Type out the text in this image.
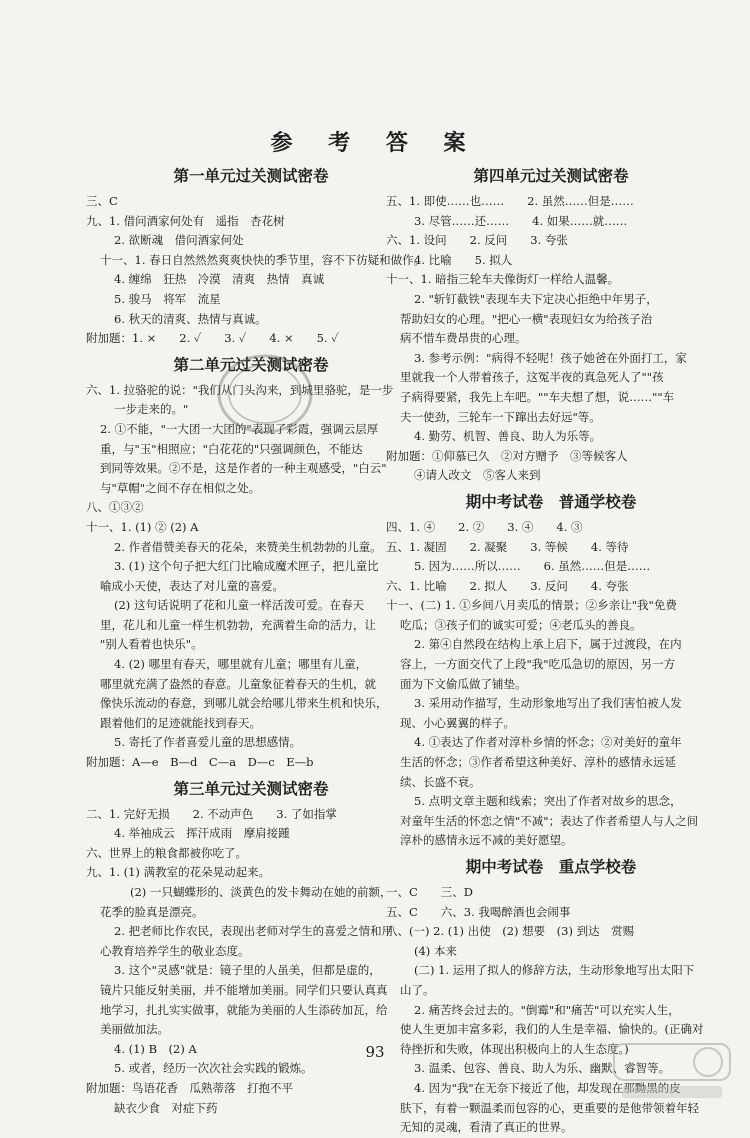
参 考 答 案
第一单元过关测试密卷
三、C
九、1. 借问酒家何处有　遥指　杏花树
2. 欲断魂　借问酒家何处
十一、1. 春日自然然然爽爽快快的季节里，容不下彷疑和做作。
4. 缠绵　狂热　冷漠　清爽　热情　真诚
5. 骏马　将军　流星
6. 秋天的清爽、热情与真诚。
附加题：1. ×　　2. ✓　　3. ✓　　4. ×　　5. ✓
第二单元过关测试密卷
六、1. 拉骆驼的说："我们从门头沟来，到城里骆驼，是一步
一步走来的。"
2. ①不能，"一大团一大团的"表现了彩霞，强调云层厚
重，与"玉"相照应；"白花花的"只强调颜色，不能达
到同等效果。②不是，这是作者的一种主观感受，"白云"
与"草帽"之间不存在相似之处。
八、①③②
十一、1. (1) ② (2) A
2. 作者借赞美春天的花朵，来赞美生机勃勃的儿童。
3. (1) 这个句子把大红门比喻成魔术匣子，把儿童比
喻成小天使，表达了对儿童的喜爱。
(2) 这句话说明了花和儿童一样活泼可爱。在春天
里，花儿和儿童一样生机勃勃，充满着生命的活力，让
"别人看着也快乐"。
4. (2) 哪里有春天，哪里就有儿童；哪里有儿童，
哪里就充满了盎然的春意。儿童象征着春天的生机，就
像快乐流动的春意，到哪儿就会给哪儿带来生机和快乐，
跟着他们的足迹就能找到春天。
5. 寄托了作者喜爱儿童的思想感情。
附加题：A—e　B—d　C—a　D—c　E—b
第三单元过关测试密卷
二、1. 完好无损　　2. 不动声色　　3. 了如指掌
4. 举袖成云　挥汗成雨　摩肩接踵
六、世界上的粮食都被你吃了。
九、1. (1) 满教室的花朵晃动起来。
(2) 一只蝴蝶形的、淡黄色的发卡舞动在她的前额，
花季的脸真是漂亮。
2. 把老师比作农民，表现出老师对学生的喜爱之情和用
心教育培养学生的敬业态度。
3. 这个"灵感"就是：镜子里的人虽美，但都是虚的，
镜片只能反射美丽，并不能增加美丽。同学们只要认真真
地学习，扎扎实实做事，就能为美丽的人生添砖加瓦，给
美丽做加法。
4. (1) B　(2) A
5. 或者，经历一次次社会实践的锻炼。
附加题：鸟语花香　瓜熟蒂落　打抱不平
缺衣少食　对症下药
第四单元过关测试密卷
五、1. 即使……也……　　2. 虽然……但是……
3. 尽管……还……　　4. 如果……就……
六、1. 设问　　2. 反问　　3. 夸张
4. 比喻　　5. 拟人
十一、1. 暗指三轮车夫像街灯一样给人温馨。
2. "斩钉截铁"表现车夫下定决心拒绝中年男子，
帮助妇女的心理。"把心一横"表现妇女为给孩子治
病不惜车费昂贵的心理。
3. 参考示例："病得不轻呢！孩子她爸在外面打工，家
里就我一个人带着孩子，这冤半夜的真急死人了""孩
子病得要紧，我先上车吧。""车夫想了想，说……""车
夫一使劲，三轮车一下蹿出去好远"等。
4. 勤劳、机智、善良、助人为乐等。
附加题：①仰慕已久　②对方赠予　③等候客人
④请人改文　⑤客人来到
期中考试卷　普通学校卷
四、1. ④　　2. ②　　3. ④　　4. ③
五、1. 凝固　　2. 凝聚　　3. 等候　　4. 等待
5. 因为……所以……　　6. 虽然……但是……
六、1. 比喻　　2. 拟人　　3. 反问　　4. 夸张
十一、(二) 1. ①乡间八月卖瓜的情景；②乡亲让"我"免费
吃瓜；③孩子们的诚实可爱；④老瓜头的善良。
2. 第④自然段在结构上承上启下，属于过渡段，在内
容上，一方面交代了上段"我"吃瓜急切的原因，另一方
面为下文偷瓜做了铺垫。
3. 采用动作描写，生动形象地写出了我们害怕被人发
现、小心翼翼的样子。
4. ①表达了作者对淳朴乡情的怀念；②对美好的童年
生活的怀念；③作者希望这种美好、淳朴的感情永远延
续、长盛不衰。
5. 点明文章主题和线索；突出了作者对故乡的思念，
对童年生活的怀恋之情"不减"；表达了作者希望人与人之间
淳朴的感情永远不减的美好愿望。
期中考试卷　重点学校卷
一、C　　三、D
五、C　　六、3. 我喝醉酒也会闹事
八、(一) 2. (1) 出使　(2) 想要　(3) 到达　赏赐
(4) 本来
(二) 1. 运用了拟人的修辞方法，生动形象地写出太阳下
山了。
2. 痛苦终会过去的。"倒霉"和"痛苦"可以充实人生，
使人生更加丰富多彩，我们的人生是幸福、愉快的。(正确对
待挫折和失败，体现出积极向上的人生态度。)
3. 温柔、包容、善良、助人为乐、幽默、睿智等。
4. 因为"我"在无奈下接近了他，却发现在那黝黑的皮
肤下，有着一颗温柔而包容的心，更重要的是他带领着年轻
无知的灵魂，看清了真正的世界。
93
